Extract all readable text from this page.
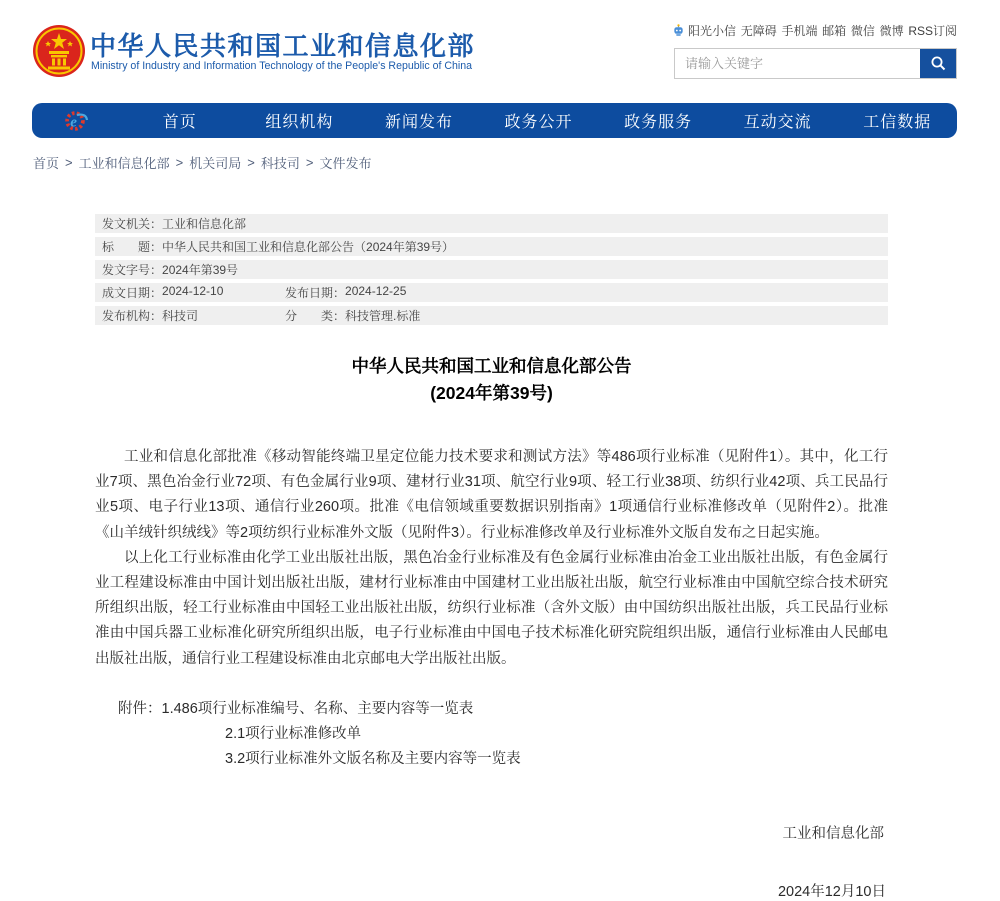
中华人民共和国工业和信息化部
Ministry of Industry and Information Technology of the People's Republic of China
阳光小信 无障碍 手机端 邮箱 微信 微博 RSS订阅
请输入关键字
e	首页	组织机构	新闻发布	政务公开	政务服务	互动交流	工信数据
首页 > 工业和信息化部 > 机关司局 > 科技司 > 文件发布
发文机关： 工业和信息化部
标　　题： 中华人民共和国工业和信息化部公告（2024年第39号）
发文字号： 2024年第39号
成文日期： 2024-12-10	发布日期： 2024-12-25
发布机构： 科技司	分　　类： 科技管理.标准
中华人民共和国工业和信息化部公告
(2024年第39号)

工业和信息化部批准《移动智能终端卫星定位能力技术要求和测试方法》等486项行业标准（见附件1）。其中，化工行业7项、黑色冶金行业72项、有色金属行业9项、建材行业31项、航空行业9项、轻工行业38项、纺织行业42项、兵工民品行业5项、电子行业13项、通信行业260项。批准《电信领域重要数据识别指南》1项通信行业标准修改单（见附件2）。批准《山羊绒针织绒线》等2项纺织行业标准外文版（见附件3）。行业标准修改单及行业标准外文版自发布之日起实施。

以上化工行业标准由化学工业出版社出版，黑色冶金行业标准及有色金属行业标准由冶金工业出版社出版，有色金属行业工程建设标准由中国计划出版社出版，建材行业标准由中国建材工业出版社出版，航空行业标准由中国航空综合技术研究所组织出版，轻工行业标准由中国轻工业出版社出版，纺织行业标准（含外文版）由中国纺织出版社出版，兵工民品行业标准由中国兵器工业标准化研究所组织出版，电子行业标准由中国电子技术标准化研究院组织出版，通信行业标准由人民邮电出版社出版，通信行业工程建设标准由北京邮电大学出版社出版。

附件：1.486项行业标准编号、名称、主要内容等一览表
2.1项行业标准修改单
3.2项行业标准外文版名称及主要内容等一览表
工业和信息化部
2024年12月10日
